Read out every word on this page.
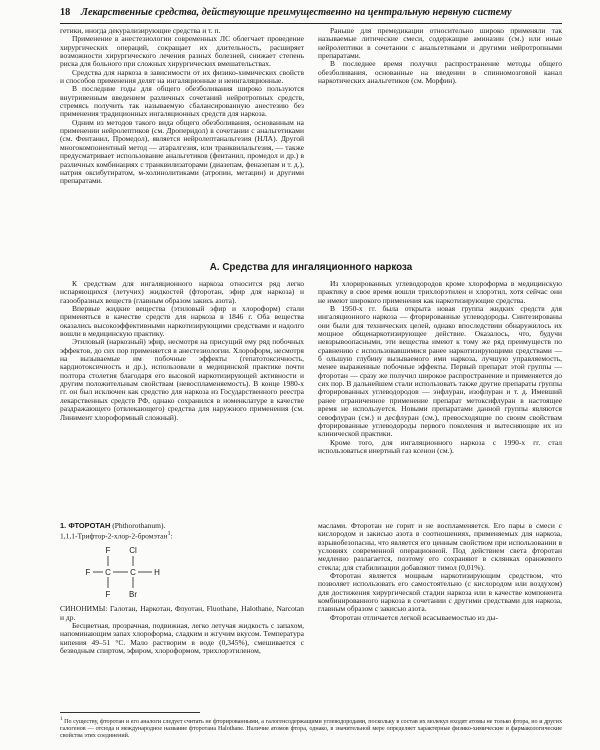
18 Лекарственные средства, действующие преимущественно на центральную нервную систему

гетики, иногда декурализирующие средства и т. п.

Применение в анестезиологии современных ЛС облегчает проведение хирургических операций, сокращает их длительность, расширяет возможности хирургического лечения разных болезней, снижает степень риска для больного при сложных хирургических вмешательствах.

Средства для наркоза в зависимости от их физико-химических свойств и способов применения делят на ингаляционные и неингаляционные.

В последние годы для общего обезболивания широко пользуются внутривенным введением различных сочетаний нейротропных средств, стремясь получить так называемую сбалансированную анестезию без применения традиционных ингаляционных средств для наркоза.

Одним из методов такого вида общего обезболивания, основанным на применении нейролептиков (см. Дроперидол) в сочетании с анальгетиками (см. Фентанил, Промедол), является нейролептанальгезия (НЛА). Другой многокомпонентный метод — атаралгезия, или транквилальгезия, — также предусматривает использование анальгетиков (фентанил, промедол и др.) в различных комбинациях с транквилизаторами (диазепам, феназепам и т. д.), натрия оксибутиратом, м-холинолитиками (атропин, метацин) и другими препаратами.

Раньше для премедикации относительно широко применяли так называемые литические смеси, содержащие аминазин (см.) или иные нейролептики в сочетании с анальгетиками и другими нейротропными препаратами.

В последнее время получил распространение методы общего обезболивания, основанные на введении в спинномозговой канал наркотических анальгетиков (см. Морфин).

А. Средства для ингаляционного наркоза

К средствам для ингаляционного наркоза относится ряд легко испаряющихся (летучих) жидкостей (фторотан, эфир для наркоза) и газообразных веществ (главным образом закись азота).

Впервые жидкие вещества (этиловый эфир и хлороформ) стали применяться в качестве средств для наркоза в 1846 г. Оба вещества оказались высокоэффективными наркотизирующими средствами и надолго вошли в медицинскую практику.

Этиловый (наркозный) эфир, несмотря на присущий ему ряд побочных эффектов, до сих пор применяется в анестезиологии. Хлороформ, несмотря на вызываемые им побочные эффекты (гепатотоксичность, кардиотоксичность и др.), использовали в медицинской практике почти полтора столетия благодаря его высокой наркотизирующей активности и другим положительным свойствам (невоспламеняемость). В конце 1980-х гг. он был исключен как средство для наркоза из Государственного реестра лекарственных средств РФ, однако сохранился в номенклатуре в качестве раздражающего (отвлекающего) средства для наружного применения (см. Линимент хлороформный сложный).

Из хлорированных углеводородов кроме хлороформа в медицинскую практику в свое время вошли трихлорэтилен и хлорэтил, хотя сейчас они не имеют широкого применения как наркотизирующие средства.

В 1950-х гг. была открыта новая группа жидких средств для ингаляционного наркоза — фторированные углеводороды. Синтезированы они были для технических целей, однако впоследствии обнаружилось их мощное общенаркотизирующее действие. Оказалось, что, будучи невзрывоопасными, эти вещества имеют к тому же ряд преимуществ по сравнению с использовавшимися ранее наркотизирующими средствами — б ольшую глубину вызываемого ими наркоза, лучшую управляемость, менее выраженные побочные эффекты. Первый препарат этой группы — фторотан — сразу же получил широкое распространение и применяется до сих пор. В дальнейшем стали использовать также другие препараты группы фторированных углеводородов — энфлуран, изофлуран и т. д. Имевший ранее ограниченное применение препарат метоксифлуран в настоящее время не используется. Новыми препаратами данной группы являются севофлуран (см.) и десфлуран (см.), превосходящие по своим свойствам фторированные углеводороды первого поколения и вытесняющие их из клинической практики.

Кроме того, для ингаляционного наркоза с 1990-х гг. стал использоваться инертный газ ксенон (см.).

1. ФТОРОТАН (Phthorothanum).

1,1,1-Трифтор-2-хлор-2-бромэтан$^1$:

F
F
F
C C
Cl
Br
H

СИНОНИМЫ: Галотан, Наркотан, Флуотан, Fluothane, Halothane, Narcotan и др.

Бесцветная, прозрачная, подвижная, легко летучая жидкость с запахом, напоминающим запах хлороформа, сладким и жгучим вкусом. Температура кипения 49–51 °С. Мало растворим в воде (0,345%), смешивается с безводным спиртом, эфиром, хлороформом, трихлорэтиленом,

маслами. Фторотан не горит и не воспламеняется. Его пары в смеси с кислородом и закисью азота в соотношениях, применяемых для наркоза, взрывобезопасны, что является его ценным свойством при использовании в условиях современной операционной. Под действием света фторотан медленно разлагается, поэтому его сохраняют в склянках оранжевого стекла; для стабилизации добавляют тимол (0,01%).

Фторотан является мощным наркотизирующим средством, что позволяет использовать его самостоятельно (с кислородом или воздухом) для достижения хирургической стадии наркоза или в качестве компонента комбинированного наркоза в сочетании с другими средствами для наркоза, главным образом с закисью азота.

Фторотан отличается легкой всасываемостью из ды-

$^1$ По существу, фторотан и его аналоги следует считать не фторированными, а галогенсодержащими углеводородами, поскольку в состав их молекул входят атомы не только фтора, но и других галогенов — отсюда и международное название фторотана Halothane. Наличие атомов фтора, однако, в значительной мере определяет характерные физико-химические и фармакологические свойства этих соединений.
